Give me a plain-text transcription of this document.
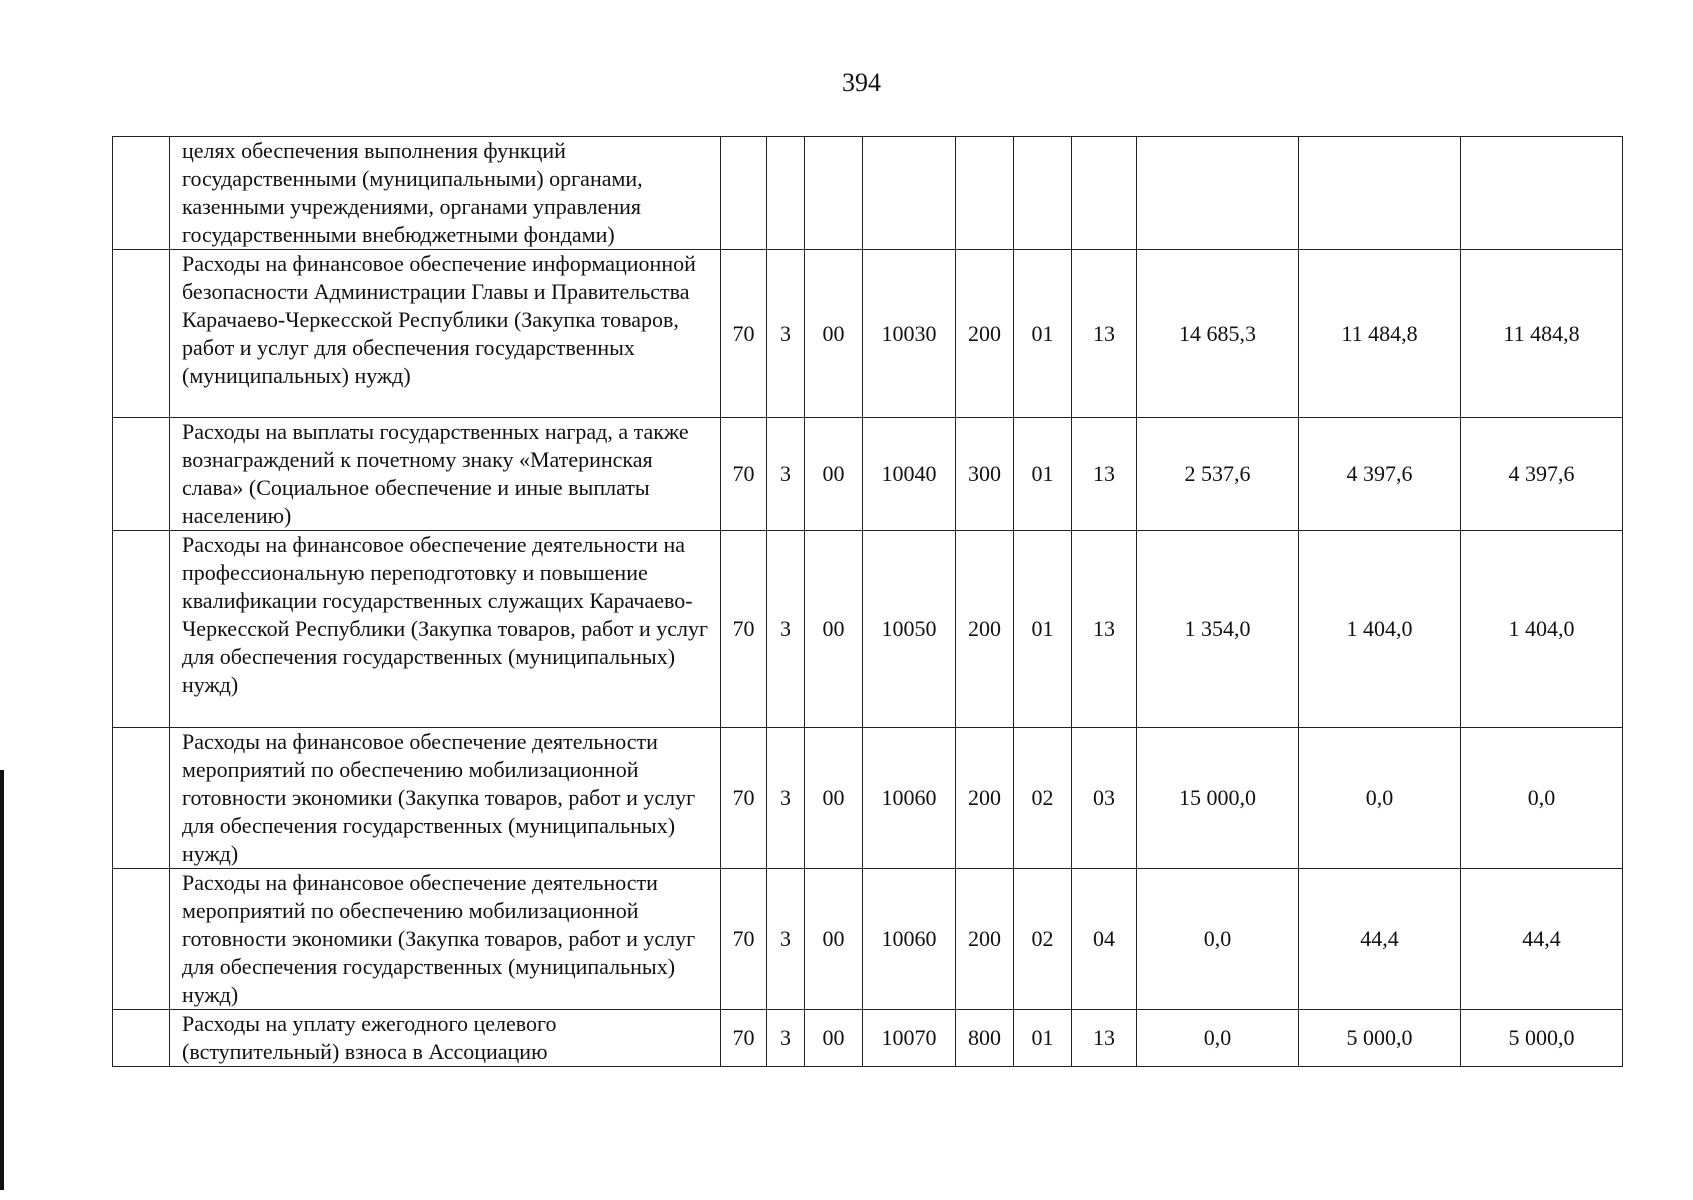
394
	целях обеспечения выполнения функций государственными (муниципальными) органами, казенными учреждениями, органами управления государственными внебюджетными фондами)										
	Расходы на финансовое обеспечение информационной безопасности Администрации Главы и Правительства Карачаево-Черкесской Республики (Закупка товаров, работ и услуг для обеспечения государственных (муниципальных) нужд)	70	3	00	10030	200	01	13	14 685,3	11 484,8	11 484,8
	Расходы на выплаты государственных наград, а также вознаграждений к почетному знаку «Материнская слава» (Социальное обеспечение и иные выплаты населению)	70	3	00	10040	300	01	13	2 537,6	4 397,6	4 397,6
	Расходы на финансовое обеспечение деятельности на профессиональную переподготовку и повышение квалификации государственных служащих Карачаево-Черкесской Республики (Закупка товаров, работ и услуг для обеспечения государственных (муниципальных) нужд)	70	3	00	10050	200	01	13	1 354,0	1 404,0	1 404,0
	Расходы на финансовое обеспечение деятельности мероприятий по обеспечению мобилизационной готовности экономики (Закупка товаров, работ и услуг для обеспечения государственных (муниципальных) нужд)	70	3	00	10060	200	02	03	15 000,0	0,0	0,0
	Расходы на финансовое обеспечение деятельности мероприятий по обеспечению мобилизационной готовности экономики (Закупка товаров, работ и услуг для обеспечения государственных (муниципальных) нужд)	70	3	00	10060	200	02	04	0,0	44,4	44,4
	Расходы на уплату ежегодного целевого (вступительный) взноса в Ассоциацию	70	3	00	10070	800	01	13	0,0	5 000,0	5 000,0
